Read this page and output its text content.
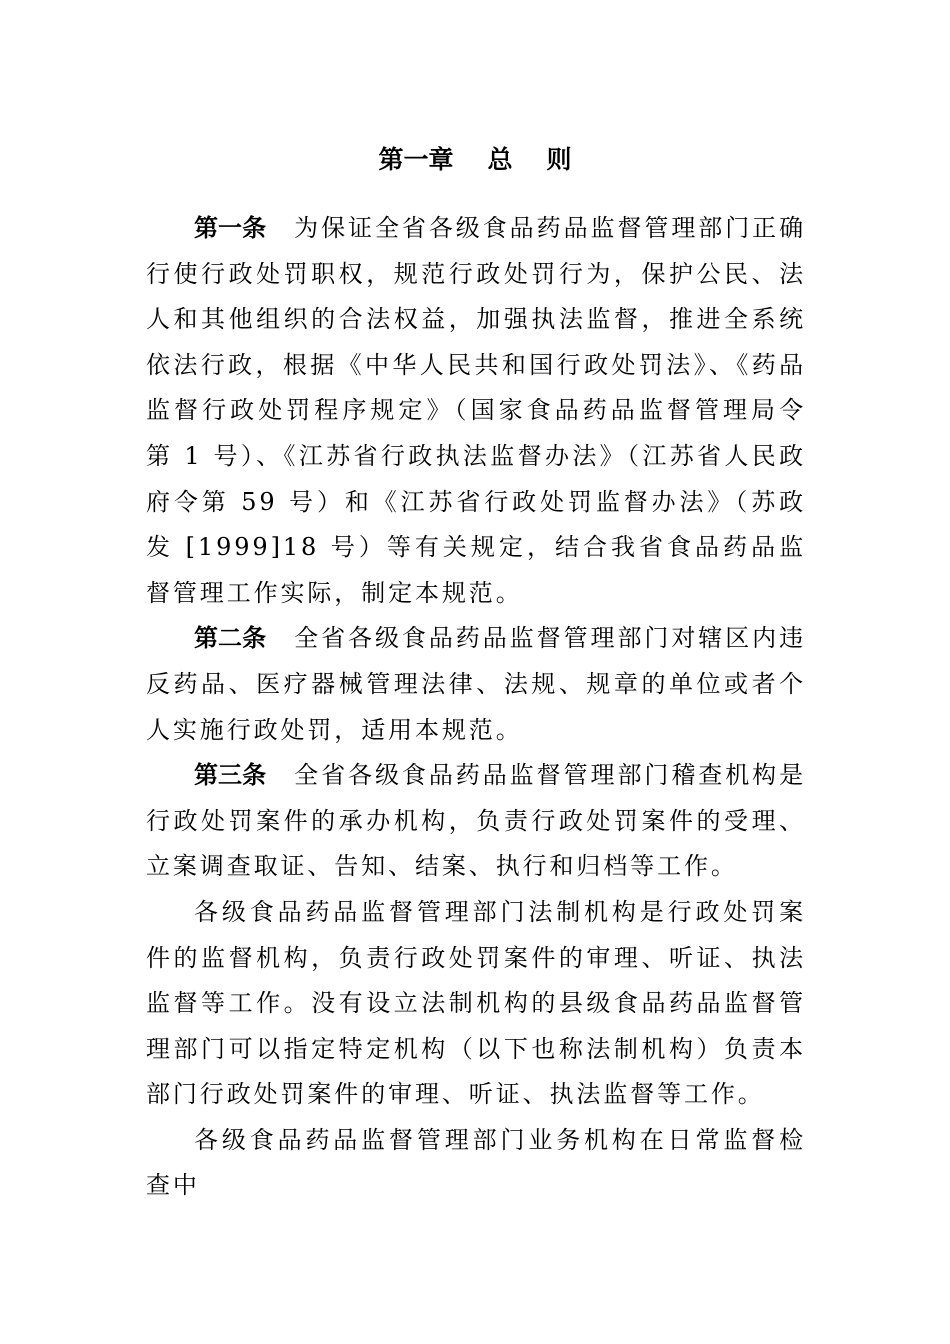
第一章 总 则

第一条 为保证全省各级食品药品监督管理部门正确行使行政处罚职权，规范行政处罚行为，保护公民、法人和其他组织的合法权益，加强执法监督，推进全系统依法行政，根据《中华人民共和国行政处罚法》、《药品监督行政处罚程序规定》（国家食品药品监督管理局令第 1 号）、《江苏省行政执法监督办法》（江苏省人民政府令第 59 号）和《江苏省行政处罚监督办法》（苏政发 [1999]18 号）等有关规定，结合我省食品药品监督管理工作实际，制定本规范。

第二条 全省各级食品药品监督管理部门对辖区内违反药品、医疗器械管理法律、法规、规章的单位或者个人实施行政处罚，适用本规范。

第三条 全省各级食品药品监督管理部门稽查机构是行政处罚案件的承办机构，负责行政处罚案件的受理、立案调查取证、告知、结案、执行和归档等工作。

各级食品药品监督管理部门法制机构是行政处罚案件的监督机构，负责行政处罚案件的审理、听证、执法监督等工作。没有设立法制机构的县级食品药品监督管理部门可以指定特定机构（以下也称法制机构）负责本部门行政处罚案件的审理、听证、执法监督等工作。

各级食品药品监督管理部门业务机构在日常监督检查中
